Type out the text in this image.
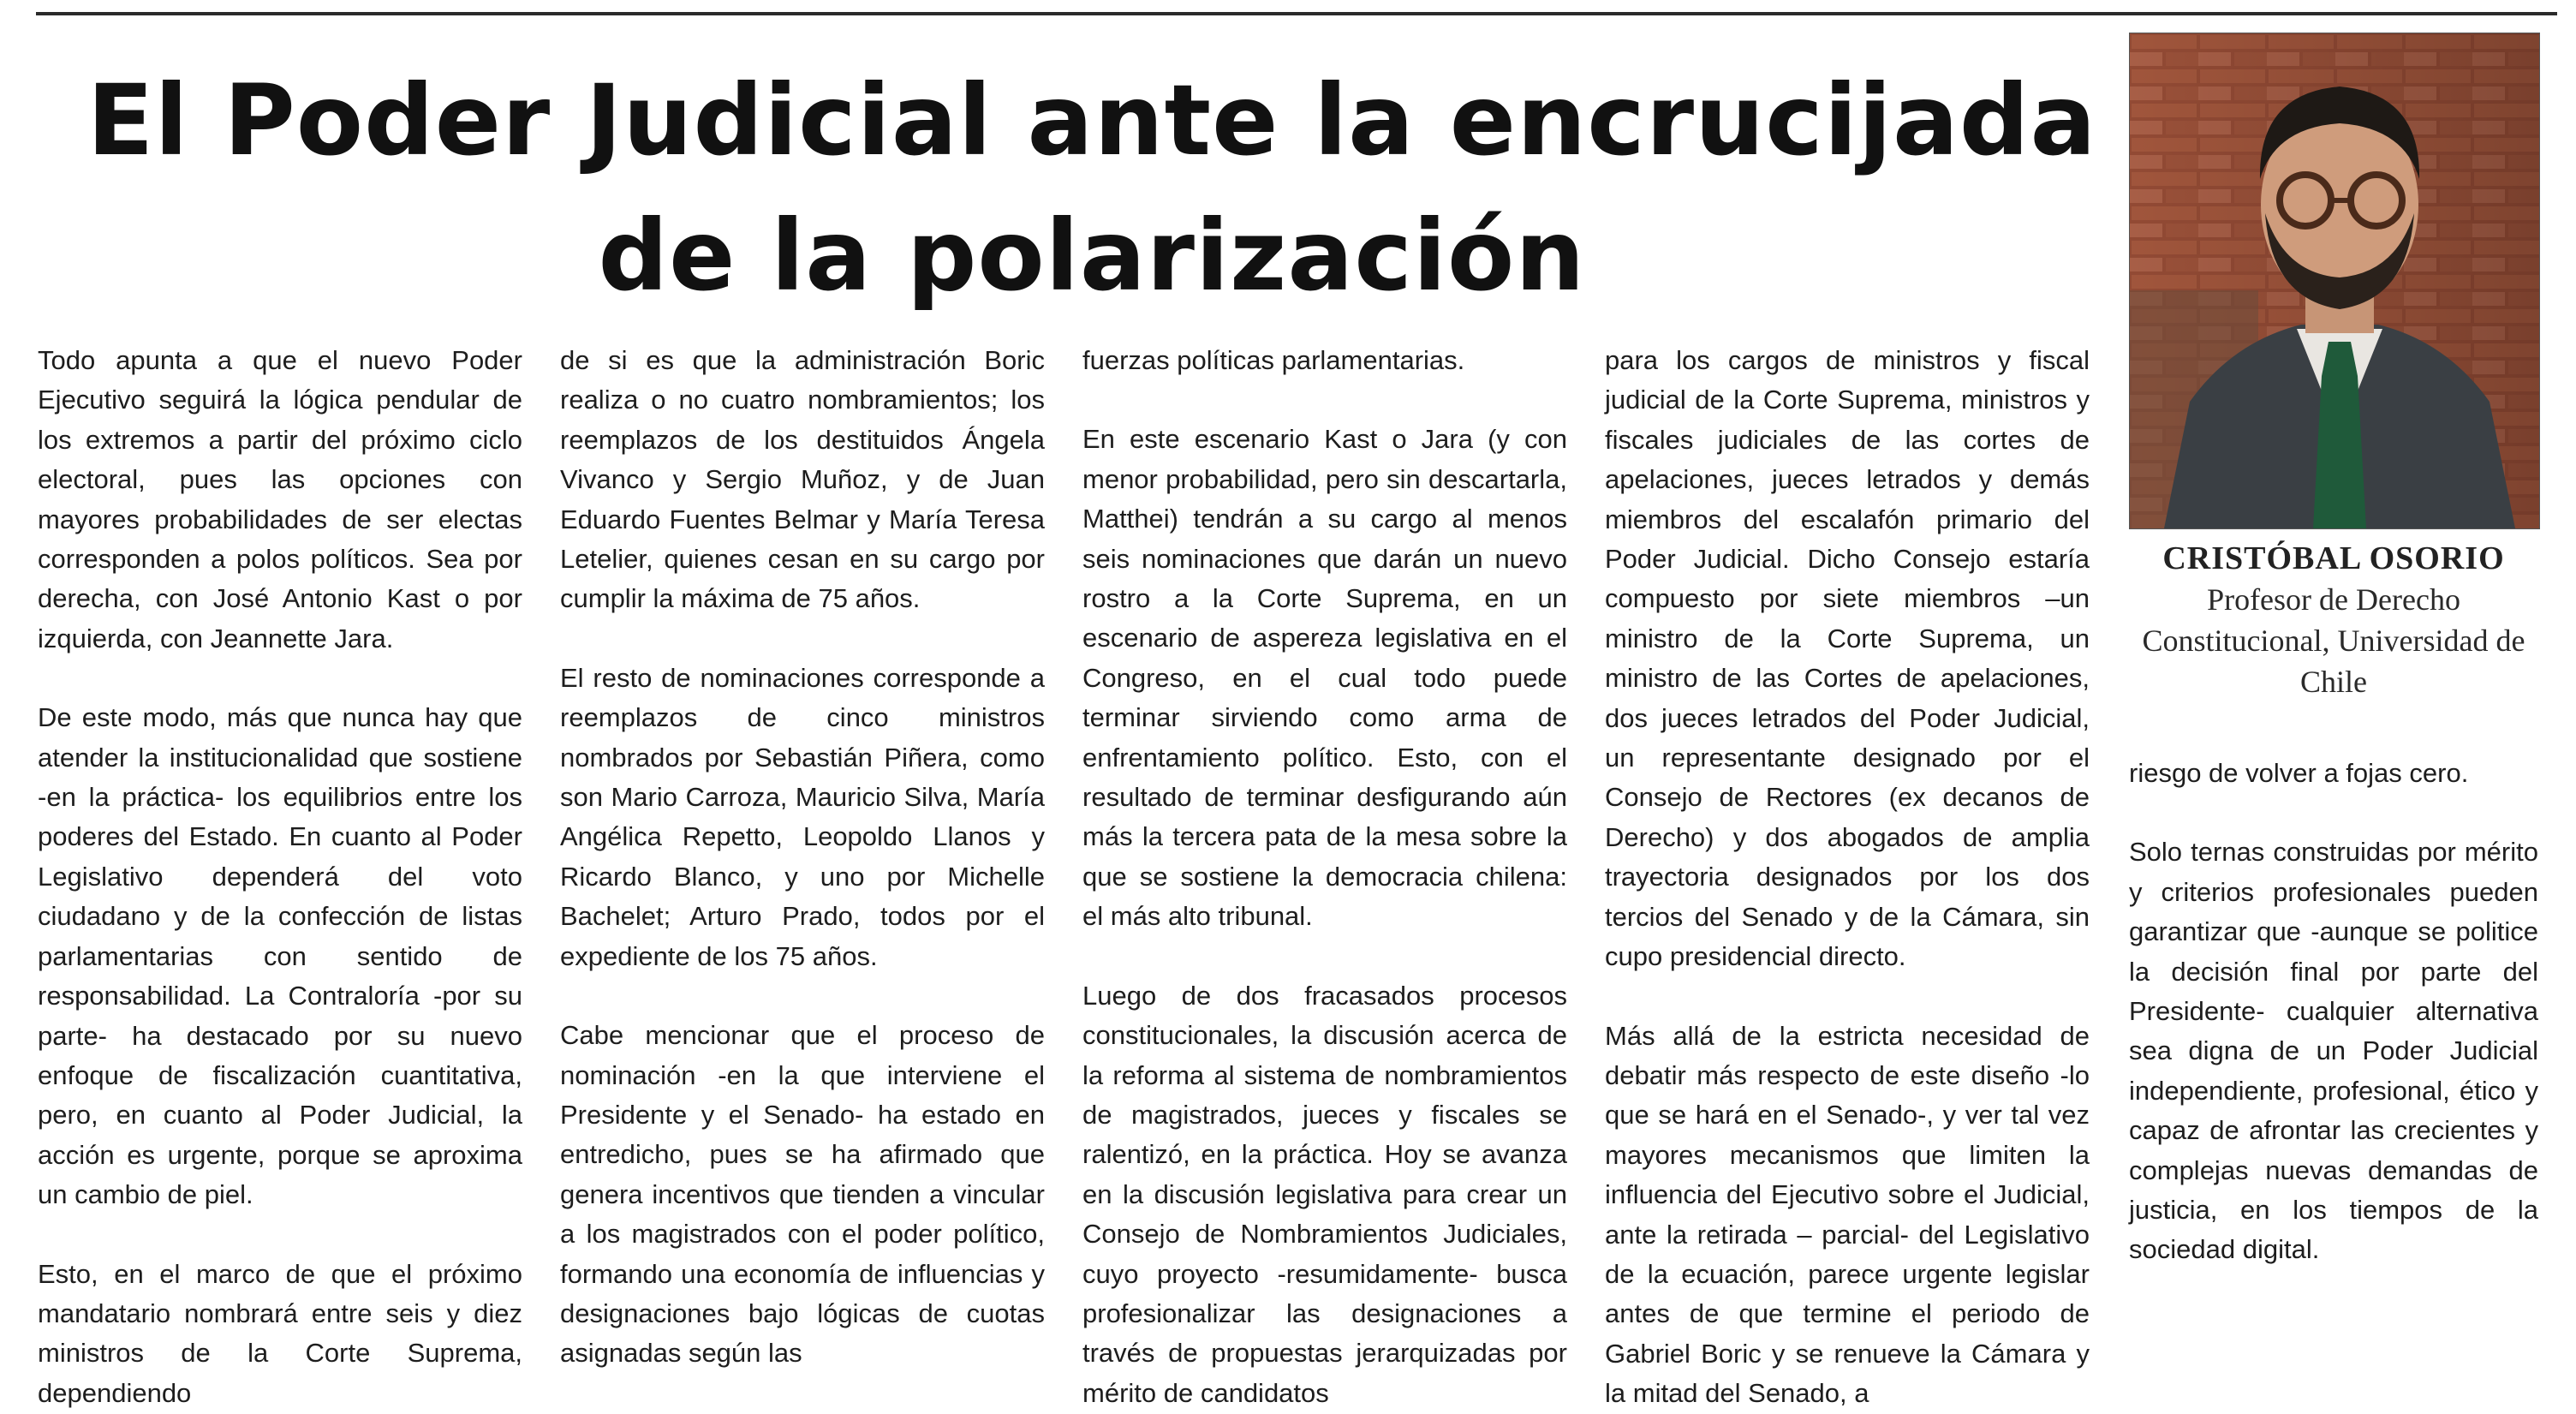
El Poder Judicial ante la encrucijada de la polarización

Todo apunta a que el nuevo Poder Ejecutivo seguirá la lógica pendular de los extremos a partir del próximo ciclo electoral, pues las opciones con mayores probabilidades de ser electas corresponden a polos políticos. Sea por derecha, con José Antonio Kast o por izquierda, con Jeannette Jara.

De este modo, más que nunca hay que atender la institucionalidad que sostiene -en la práctica- los equilibrios entre los poderes del Estado. En cuanto al Poder Legislativo dependerá del voto ciudadano y de la confección de listas parlamentarias con sentido de responsabilidad. La Contraloría -por su parte- ha destacado por su nuevo enfoque de fiscalización cuantitativa, pero, en cuanto al Poder Judicial, la acción es urgente, porque se aproxima un cambio de piel.

Esto, en el marco de que el próximo mandatario nombrará entre seis y diez ministros de la Corte Suprema, dependiendo

de si es que la administración Boric realiza o no cuatro nombramientos; los reemplazos de los destituidos Ángela Vivanco y Sergio Muñoz, y de Juan Eduardo Fuentes Belmar y María Teresa Letelier, quienes cesan en su cargo por cumplir la máxima de 75 años.

El resto de nominaciones corresponde a reemplazos de cinco ministros nombrados por Sebastián Piñera, como son Mario Carroza, Mauricio Silva, María Angélica Repetto, Leopoldo Llanos y Ricardo Blanco, y uno por Michelle Bachelet; Arturo Prado, todos por el expediente de los 75 años.

Cabe mencionar que el proceso de nominación -en la que interviene el Presidente y el Senado- ha estado en entredicho, pues se ha afirmado que genera incentivos que tienden a vincular a los magistrados con el poder político, formando una economía de influencias y designaciones bajo lógicas de cuotas asignadas según las

fuerzas políticas parlamentarias.

En este escenario Kast o Jara (y con menor probabilidad, pero sin descartarla, Matthei) tendrán a su cargo al menos seis nominaciones que darán un nuevo rostro a la Corte Suprema, en un escenario de aspereza legislativa en el Congreso, en el cual todo puede terminar sirviendo como arma de enfrentamiento político. Esto, con el resultado de terminar desfigurando aún más la tercera pata de la mesa sobre la que se sostiene la democracia chilena: el más alto tribunal.

Luego de dos fracasados procesos constitucionales, la discusión acerca de la reforma al sistema de nombramientos de magistrados, jueces y fiscales se ralentizó, en la práctica. Hoy se avanza en la discusión legislativa para crear un Consejo de Nombramientos Judiciales, cuyo proyecto -resumidamente- busca profesionalizar las designaciones a través de propuestas jerarquizadas por mérito de candidatos

para los cargos de ministros y fiscal judicial de la Corte Suprema, ministros y fiscales judiciales de las cortes de apelaciones, jueces letrados y demás miembros del escalafón primario del Poder Judicial. Dicho Consejo estaría compuesto por siete miembros –un ministro de la Corte Suprema, un ministro de las Cortes de apelaciones, dos jueces letrados del Poder Judicial, un representante designado por el Consejo de Rectores (ex decanos de Derecho) y dos abogados de amplia trayectoria designados por los dos tercios del Senado y de la Cámara, sin cupo presidencial directo.

Más allá de la estricta necesidad de debatir más respecto de este diseño -lo que se hará en el Senado-, y ver tal vez mayores mecanismos que limiten la influencia del Ejecutivo sobre el Judicial, ante la retirada – parcial- del Legislativo de la ecuación, parece urgente legislar antes de que termine el periodo de Gabriel Boric y se renueve la Cámara y la mitad del Senado, a

CRISTÓBAL OSORIO
Profesor de Derecho Constitucional, Universidad de Chile

riesgo de volver a fojas cero.

Solo ternas construidas por mérito y criterios profesionales pueden garantizar que -aunque se politice la decisión final por parte del Presidente- cualquier alternativa sea digna de un Poder Judicial independiente, profesional, ético y capaz de afrontar las crecientes y complejas nuevas demandas de justicia, en los tiempos de la sociedad digital.
